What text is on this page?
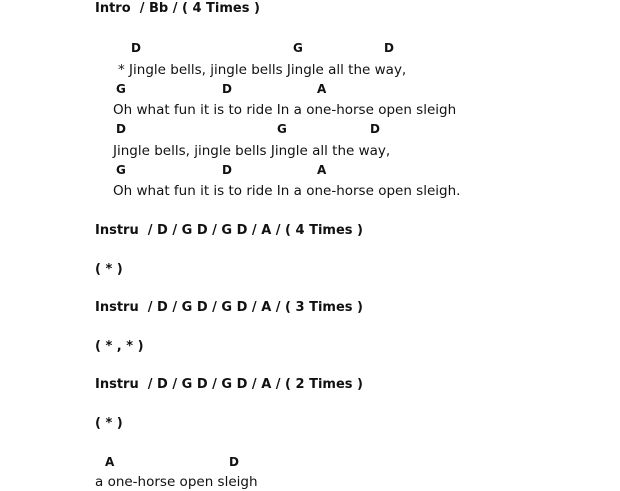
Intro  / Bb / ( 4 Times )
D	G	D
* Jingle bells, jingle bells Jingle all the way,
G	D	A
Oh what fun it is to ride In a one-horse open sleigh
D	G	D
Jingle bells, jingle bells Jingle all the way,
G	D	A
Oh what fun it is to ride In a one-horse open sleigh.
Instru  / D / G D / G D / A / ( 4 Times )
( * )
Instru  / D / G D / G D / A / ( 3 Times )
( * , * )
Instru  / D / G D / G D / A / ( 2 Times )
( * )
A	D
a one-horse open sleigh
